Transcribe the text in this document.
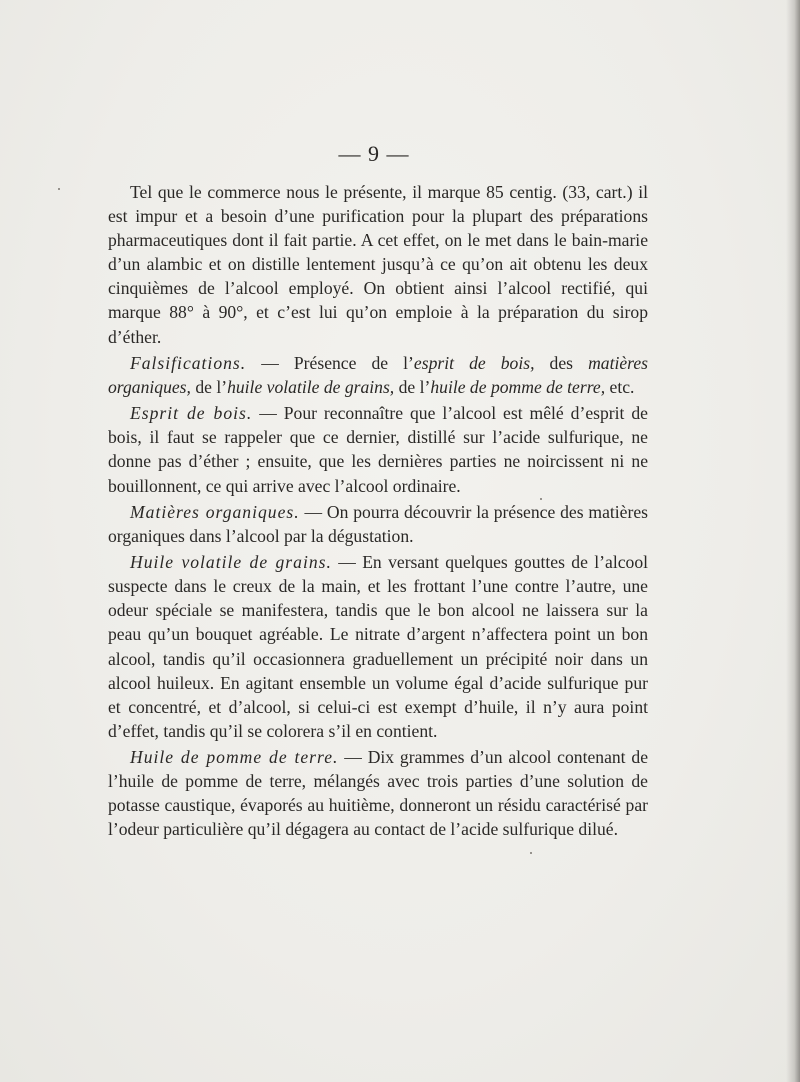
— 9 —

Tel que le commerce nous le présente, il marque 85 centig. (33, cart.) il est impur et a besoin d’une purification pour la plupart des préparations pharmaceutiques dont il fait partie. A cet effet, on le met dans le bain-marie d’un alambic et on distille lentement jusqu’à ce qu’on ait obtenu les deux cinquièmes de l’alcool employé. On obtient ainsi l’alcool rectifié, qui marque 88° à 90°, et c’est lui qu’on emploie à la préparation du sirop d’éther.

Falsifications. — Présence de l’esprit de bois, des matières organiques, de l’huile volatile de grains, de l’huile de pomme de terre, etc.

Esprit de bois. — Pour reconnaître que l’alcool est mêlé d’esprit de bois, il faut se rappeler que ce dernier, distillé sur l’acide sulfurique, ne donne pas d’éther ; ensuite, que les dernières parties ne noircissent ni ne bouillonnent, ce qui arrive avec l’alcool ordinaire.

Matières organiques. — On pourra découvrir la présence des matières organiques dans l’alcool par la dégustation.

Huile volatile de grains. — En versant quelques gouttes de l’alcool suspecte dans le creux de la main, et les frottant l’une contre l’autre, une odeur spéciale se manifestera, tandis que le bon alcool ne laissera sur la peau qu’un bouquet agréable. Le nitrate d’argent n’affectera point un bon alcool, tandis qu’il occasionnera graduellement un précipité noir dans un alcool huileux. En agitant ensemble un volume égal d’acide sulfurique pur et concentré, et d’alcool, si celui-ci est exempt d’huile, il n’y aura point d’effet, tandis qu’il se colorera s’il en contient.

Huile de pomme de terre. — Dix grammes d’un alcool contenant de l’huile de pomme de terre, mélangés avec trois parties d’une solution de potasse caustique, évaporés au huitième, donneront un résidu caractérisé par l’odeur particulière qu’il dégagera au contact de l’acide sulfurique dilué.
